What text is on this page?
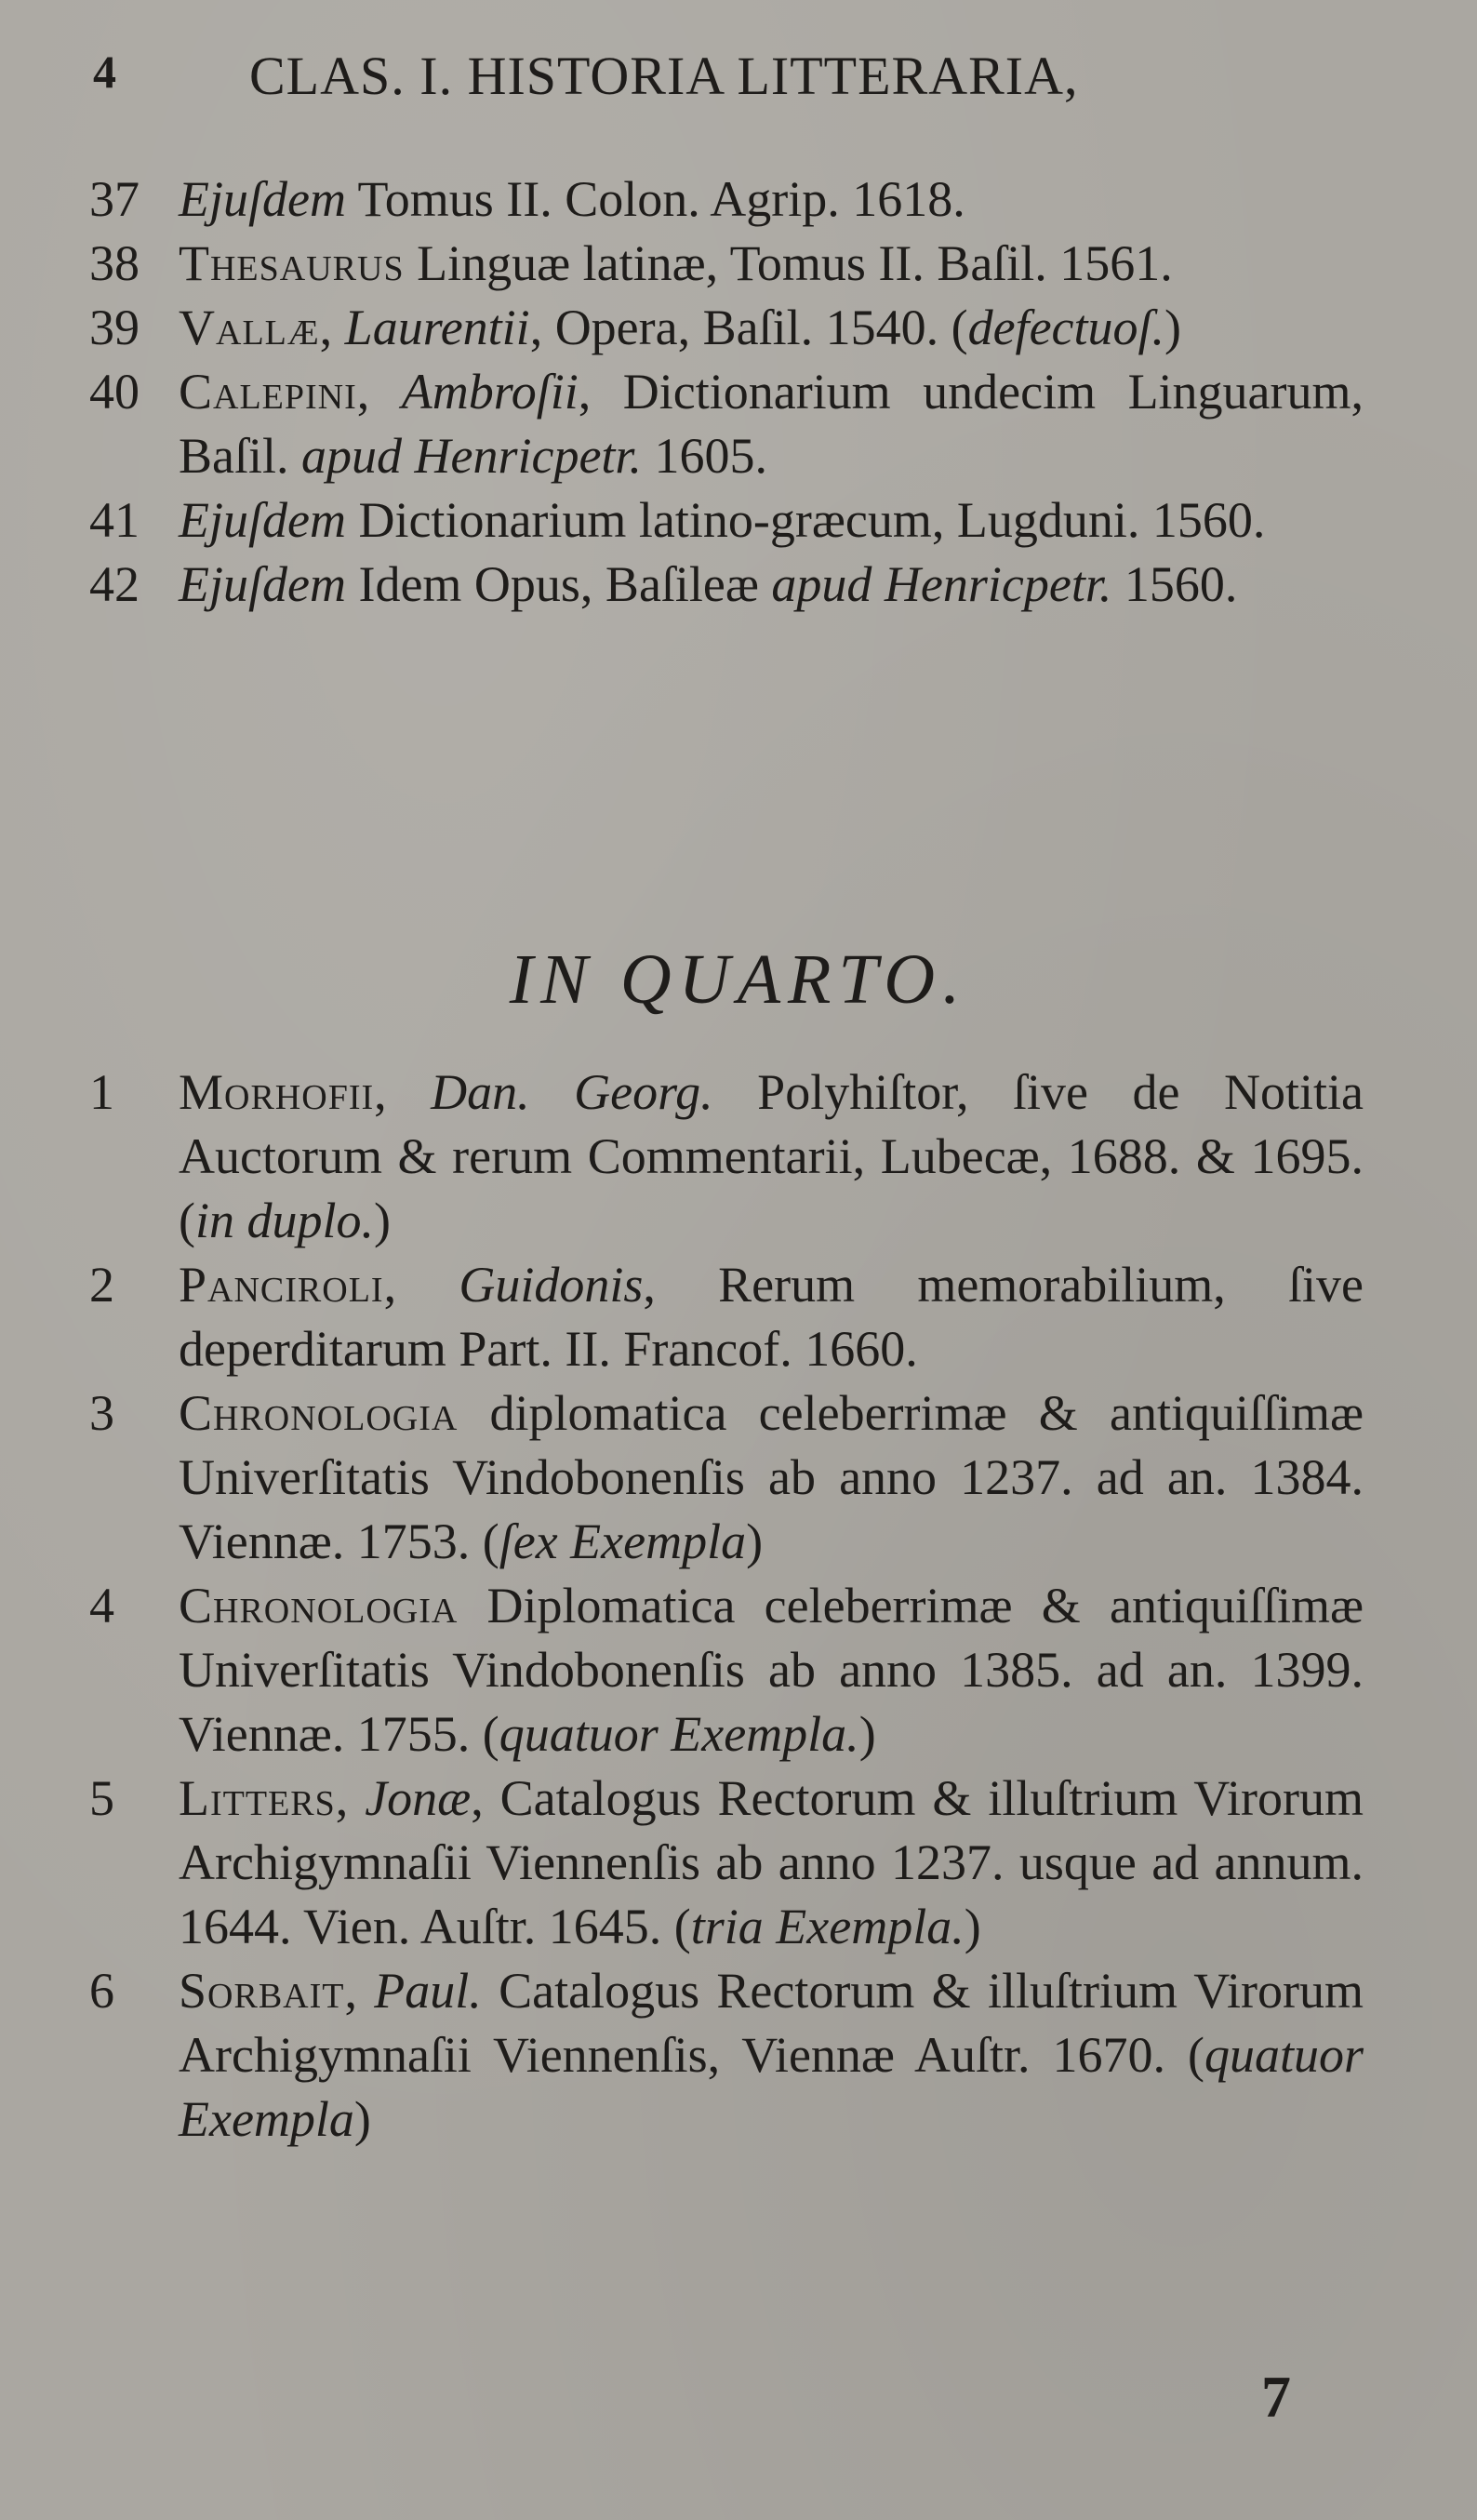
4 CLAS. I. HISTORIA LITTERARIA,
37 Ejuſdem Tomus II. Colon. Agrip. 1618.
38 Thesaurus Linguæ latinæ, Tomus II. Baſil. 1561.
39 Vallæ, Laurentii, Opera, Baſil. 1540. (defectuoſ.)
40 Calepini, Ambroſii, Dictionarium undecim Linguarum, Baſil. apud Henricpetr. 1605.
41 Ejuſdem Dictionarium latino-græcum, Lugduni. 1560.
42 Ejuſdem Idem Opus, Baſileæ apud Henricpetr. 1560.
IN QUARTO.
1	Morhofii, Dan. Georg. Polyhiſtor, ſive de Notitia Auctorum & rerum Commentarii, Lubecæ, 1688. & 1695. (in duplo.)
2	Panciroli, Guidonis, Rerum memorabilium, ſive deperditarum Part. II. Francof. 1660.
3	Chronologia diplomatica celeberrimæ & antiquiſſimæ Univerſitatis Vindobonenſis ab anno 1237. ad an. 1384. Viennæ. 1753. (ſex Exempla)
4	Chronologia Diplomatica celeberrimæ & antiquiſſimæ Univerſitatis Vindobonenſis ab anno 1385. ad an. 1399. Viennæ. 1755. (quatuor Exempla.)
5	Litters, Jonæ, Catalogus Rectorum & illuſtrium Virorum Archigymnaſii Viennenſis ab anno 1237. usque ad annum. 1644. Vien. Auſtr. 1645. (tria Exempla.)
6	Sorbait, Paul. Catalogus Rectorum & illuſtrium Virorum Archigymnaſii Viennenſis, Viennæ Auſtr. 1670. (quatuor Exempla)
7
